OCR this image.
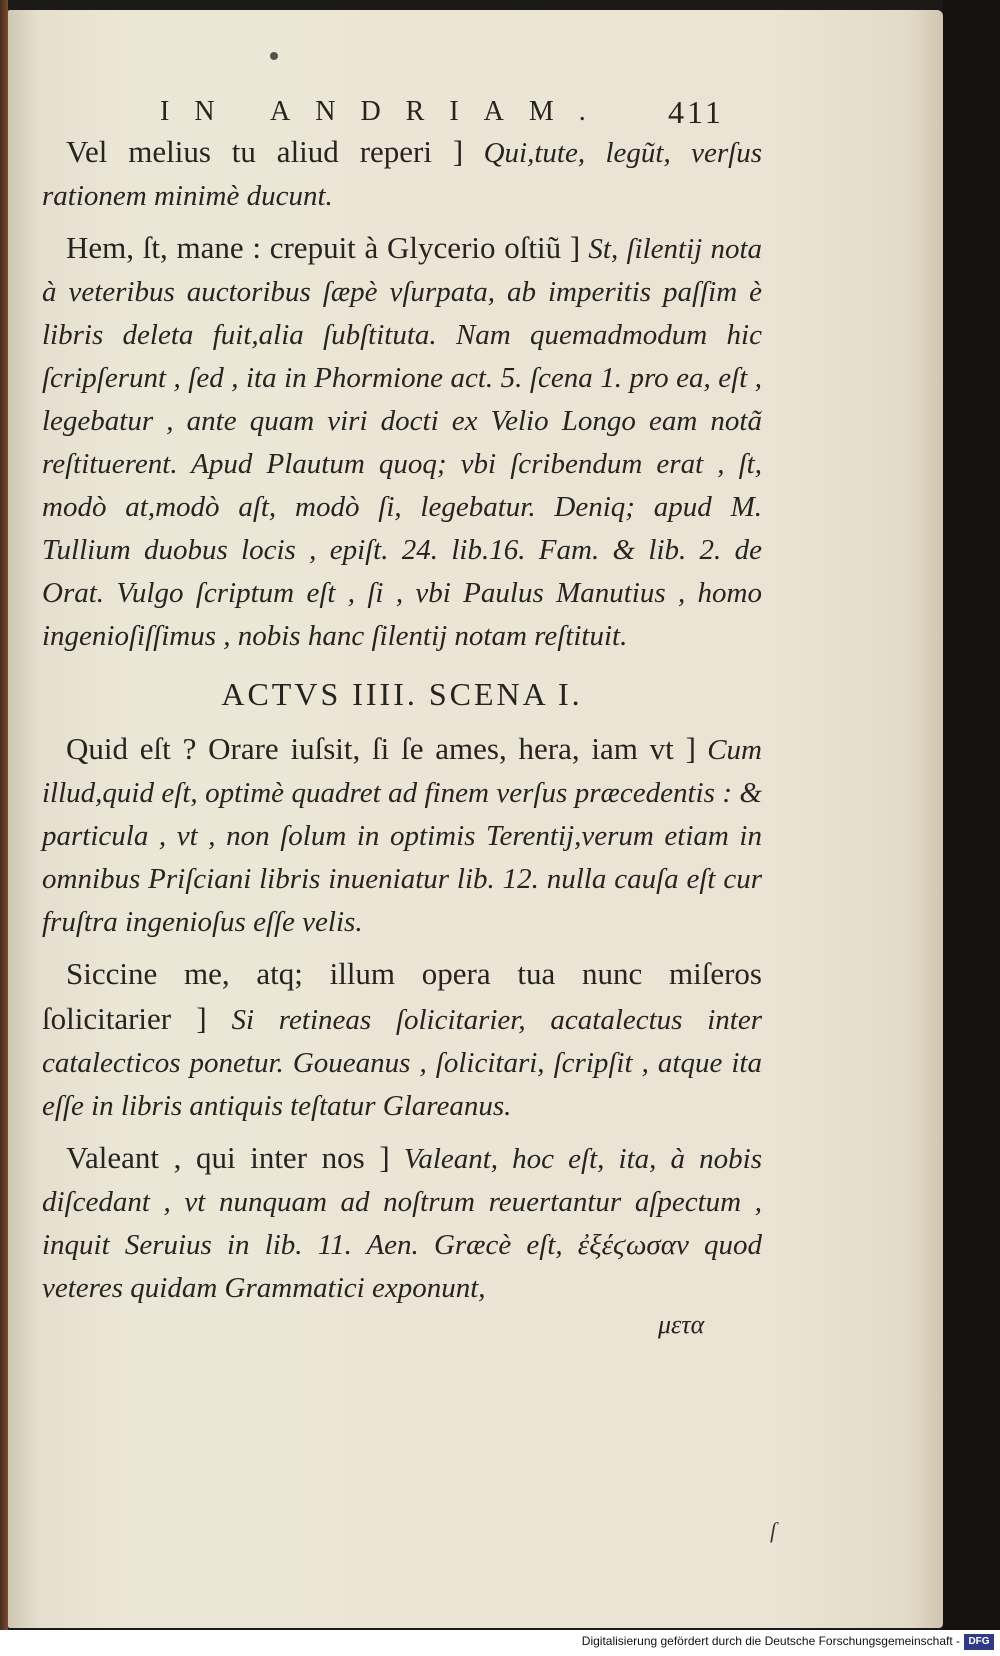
IN ANDRIAM. 411

Vel melius tu aliud reperi ] Qui,tute, legũt, verſus rationem minimè ducunt.

Hem, ſt, mane : crepuit à Glycerio oſtiũ ] St, ſilentij nota à veteribus auctoribus ſæpè vſurpata, ab imperitis paſſim è libris deleta fuit,alia ſubſtituta. Nam quemadmodum hic ſcripſerunt , ſed , ita in Phormione act. 5. ſcena 1. pro ea, eſt , legebatur , ante quam viri docti ex Velio Longo eam notã reſtituerent. Apud Plautum quoq; vbi ſcribendum erat , ſt, modò at,modò aſt, modò ſi, legebatur. Deniq; apud M. Tullium duobus locis , epiſt. 24. lib.16. Fam. & lib. 2. de Orat. Vulgo ſcriptum eſt , ſi , vbi Paulus Manutius , homo ingenioſiſſimus , nobis hanc ſilentij notam reſtituit.

ACTVS IIII. SCENA I.

Quid eſt ? Orare iuſsit, ſi ſe ames, hera, iam vt ] Cum illud,quid eſt, optimè quadret ad finem verſus præcedentis : & particula , vt , non ſolum in optimis Terentij,verum etiam in omnibus Priſciani libris inueniatur lib. 12. nulla cauſa eſt cur fruſtra ingenioſus eſſe velis.

Siccine me, atq; illum opera tua nunc miſeros ſolicitarier ] Si retineas ſolicitarier, acatalectus inter catalecticos ponetur. Goueanus , ſolicitari, ſcripſit , atque ita eſſe in libris antiquis teſtatur Glareanus.

Valeant , qui inter nos ] Valeant, hoc eſt, ita, à nobis diſcedant , vt nunquam ad noſtrum reuertantur aſpectum , inquit Seruius in lib. 11. Aen. Græcè eſt, ἐξέϛωσαν quod veteres quidam Grammatici exponunt,

μετα
ſ
Digitalisierung gefördert durch die Deutsche Forschungsgemeinschaft - DFG
